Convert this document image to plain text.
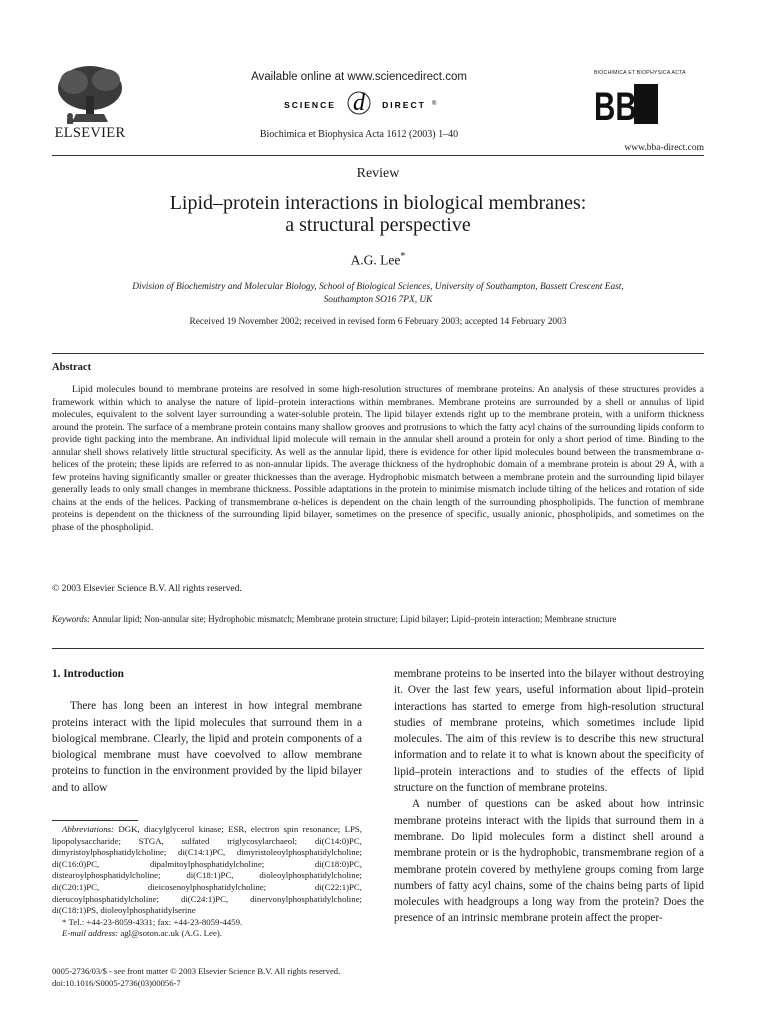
ELSEVIER
Available online at www.sciencedirect.com
SCIENCE d DIRECT ®
Biochimica et Biophysica Acta 1612 (2003) 1–40
BIOCHIMICA ET BIOPHYSICA ACTA
BBA
www.bba-direct.com
Review
Lipid–protein interactions in biological membranes:
a structural perspective
A.G. Lee*
Division of Biochemistry and Molecular Biology, School of Biological Sciences, University of Southampton, Bassett Crescent East,
Southampton SO16 7PX, UK
Received 19 November 2002; received in revised form 6 February 2003; accepted 14 February 2003
Abstract
Lipid molecules bound to membrane proteins are resolved in some high-resolution structures of membrane proteins. An analysis of these structures provides a framework within which to analyse the nature of lipid–protein interactions within membranes. Membrane proteins are surrounded by a shell or annulus of lipid molecules, equivalent to the solvent layer surrounding a water-soluble protein. The lipid bilayer extends right up to the membrane protein, with a uniform thickness around the protein. The surface of a membrane protein contains many shallow grooves and protrusions to which the fatty acyl chains of the surrounding lipids conform to provide tight packing into the membrane. An individual lipid molecule will remain in the annular shell around a protein for only a short period of time. Binding to the annular shell shows relatively little structural specificity. As well as the annular lipid, there is evidence for other lipid molecules bound between the transmembrane α-helices of the protein; these lipids are referred to as non-annular lipids. The average thickness of the hydrophobic domain of a membrane protein is about 29 Å, with a few proteins having significantly smaller or greater thicknesses than the average. Hydrophobic mismatch between a membrane protein and the surrounding lipid bilayer generally leads to only small changes in membrane thickness. Possible adaptations in the protein to minimise mismatch include tilting of the helices and rotation of side chains at the ends of the helices. Packing of transmembrane α-helices is dependent on the chain length of the surrounding phospholipids. The function of membrane proteins is dependent on the thickness of the surrounding lipid bilayer, sometimes on the presence of specific, usually anionic, phospholipids, and sometimes on the phase of the phospholipid.
© 2003 Elsevier Science B.V. All rights reserved.
Keywords: Annular lipid; Non-annular site; Hydrophobic mismatch; Membrane protein structure; Lipid bilayer; Lipid–protein interaction; Membrane structure
1. Introduction

There has long been an interest in how integral membrane proteins interact with the lipid molecules that surround them in a biological membrane. Clearly, the lipid and protein components of a biological membrane must have coevolved to allow membrane proteins to function in the environment provided by the lipid bilayer and to allow

Abbreviations: DGK, diacylglycerol kinase; ESR, electron spin resonance; LPS, lipopolysaccharide; STGA, sulfated triglycosylarchaeol; di(C14:0)PC, dimyristoylphosphatidylcholine; di(C14:1)PC, dimyristoleoylphosphatidylcholine; di(C16:0)PC, dipalmitoylphosphatidylcholine; di(C18:0)PC, distearoylphosphatidylcholine; di(C18:1)PC, dioleoylphosphatidylcholine; di(C20:1)PC, dieicosenoylphosphatidylcholine; di(C22:1)PC, dierucoylphosphatidylcholine; di(C24:1)PC, dinervonylphosphatidylcholine; di(C18:1)PS, dioleoylphosphatidylserine
* Tel.: +44-23-8059-4331; fax: +44-23-8059-4459.
E-mail address: agl@soton.ac.uk (A.G. Lee).

membrane proteins to be inserted into the bilayer without destroying it. Over the last few years, useful information about lipid–protein interactions has started to emerge from high-resolution structural studies of membrane proteins, which sometimes include lipid molecules. The aim of this review is to describe this new structural information and to relate it to what is known about the specificity of lipid–protein interactions and to studies of the effects of lipid structure on the function of membrane proteins.

A number of questions can be asked about how intrinsic membrane proteins interact with the lipids that surround them in a membrane. Do lipid molecules form a distinct shell around a membrane protein or is the hydrophobic, transmembrane region of a membrane protein covered by methylene groups coming from large numbers of fatty acyl chains, some of the chains being parts of lipid molecules with headgroups a long way from the protein? Does the presence of an intrinsic membrane protein affect the proper-

0005-2736/03/$ - see front matter © 2003 Elsevier Science B.V. All rights reserved.
doi:10.1016/S0005-2736(03)00056-7
